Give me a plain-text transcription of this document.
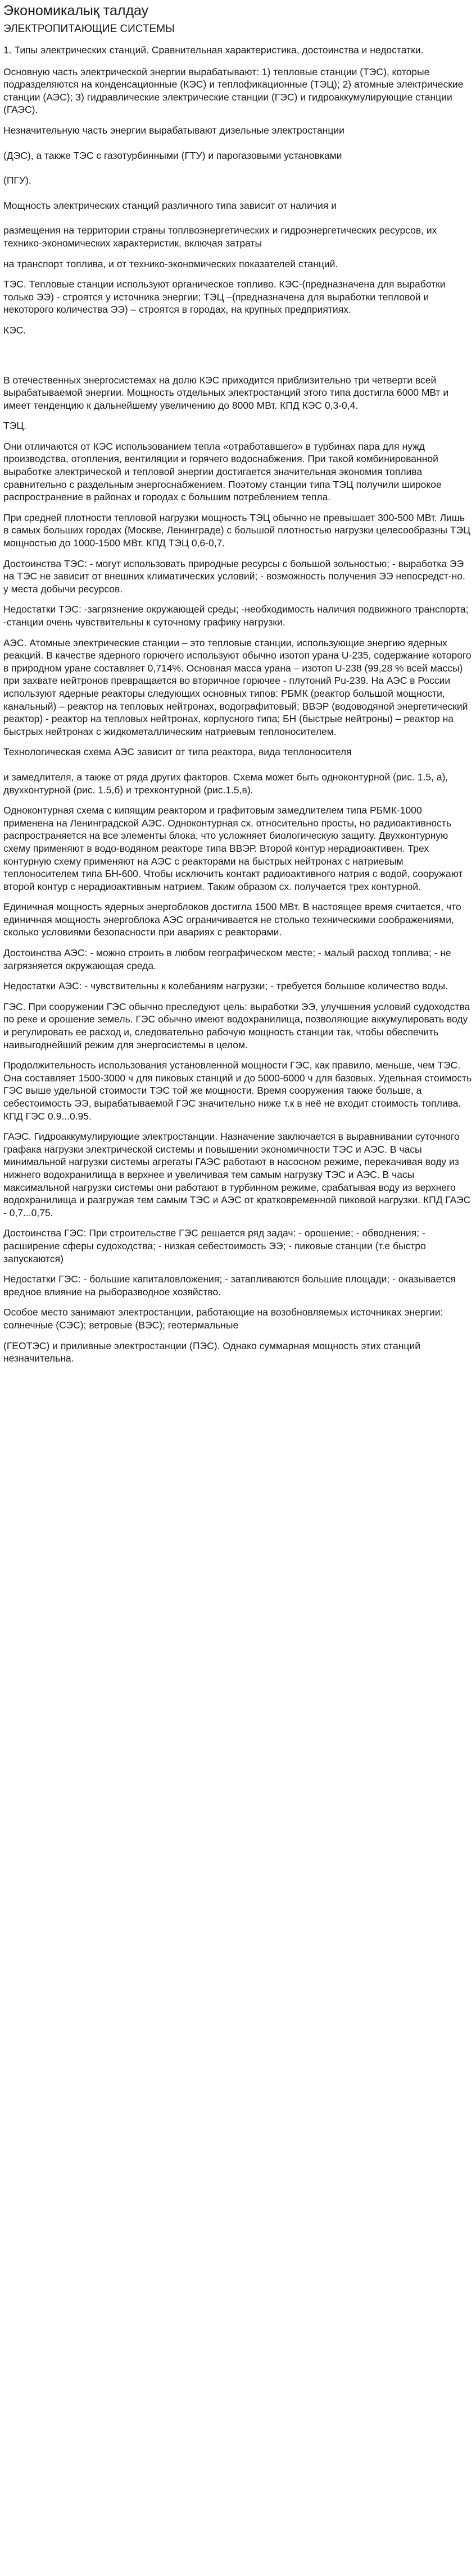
Экономикалық талдау
ЭЛЕКТРОПИТАЮЩИЕ СИСТЕМЫ

1. Типы электрических станций. Сравнительная характеристика, достоинства и недостатки.

Основную часть электрической энергии вырабатывают: 1) тепловые станции (ТЭС), которые подразделяются на конденсационные (КЭС) и теплофикационные (ТЭЦ); 2) атомные электрические станции (АЭС); 3) гидравлические электрические станции (ГЭС) и гидроаккумулирующие станции (ГАЭС).

Незначительную часть энергии вырабатывают дизельные электростанции

(ДЭС), а также ТЭС с газотурбинными (ГТУ) и парогазовыми установками

(ПГУ).

Мощность электрических станций различного типа зависит от наличия и

размещения на территории страны топлвоэнергетических и гидроэнергетических ресурсов, их технико-экономических характеристик, включая затраты

на транспорт топлива, и от технико-экономических показателей станций.

ТЭС. Тепловые станции используют органическое топливо. КЭС-(предназначена для выработки только ЭЭ) - строятся у источника энергии; ТЭЦ –(предназначена для выработки тепловой и некоторого количества ЭЭ) – строятся в городах, на крупных предприятиях.

КЭС.

В отечественных энергосистемах на долю КЭС приходится приблизительно три четверти всей вырабатываемой энергии. Мощность отдельных электростанций этого типа достигла 6000 МВт и имеет тенденцию к дальнейшему увеличению до 8000 МВт. КПД КЭС 0,3-0,4.

ТЭЦ.

Они отличаются от КЭС использованием тепла «отработавшего» в турбинах пара для нужд производства, отопления, вентиляции и горячего водоснабжения. При такой комбинированной выработке электрической и тепловой энергии достигается значительная экономия топлива сравнительно с раздельным энергоснабжением. Поэтому станции типа ТЭЦ получили широкое распространение в районах и городах с большим потреблением тепла.

При средней плотности тепловой нагрузки мощность ТЭЦ обычно не превышает 300-500 МВт. Лишь в самых больших городах (Москве, Ленинграде) с большой плотностью нагрузки целесообразны ТЭЦ мощностью до 1000-1500 МВт. КПД ТЭЦ 0,6-0,7.

Достоинства ТЭС: - могут использовать природные ресурсы с большой зольностью; - выработка ЭЭ на ТЭС не зависит от внешних климатических условий; - возможность получения ЭЭ непосредст-но. у места добычи ресурсов.

Недостатки ТЭС: -загрязнение окружающей среды; -необходимость наличия подвижного транспорта; -станции очень чувствительны к суточному графику нагрузки.

АЭС. Атомные электрические станции – это тепловые станции, использующие энергию ядерных реакций. В качестве ядерного горючего используют обычно изотоп урана U-235, содержание которого в природном уране составляет 0,714%. Основная масса урана – изотоп U-238 (99,28 % всей массы) при захвате нейтронов превращается во вторичное горючее - плутоний Pu-239. На АЭС в России используют ядерные реакторы следующих основных типов: РБМК (реактор большой мощности, канальный) – реактор на тепловых нейтронах, водографитовый; ВВЭР (водоводяной энергетический реактор) - реактор на тепловых нейтронах, корпусного типа; БН (быстрые нейтроны) – реактор на быстрых нейтронах с жидкометаллическим натриевым теплоносителем.

Технологическая схема АЭС зависит от типа реактора, вида теплоносителя

и замедлителя, а также от ряда других факторов. Схема может быть одноконтурной (рис. 1.5, а), двухконтурной (рис. 1.5,б) и трехконтурной (рис.1.5,в).

Одноконтурная схема с кипящим реактором и графитовым замедлителем типа РБМК-1000 применена на Ленинградской АЭС. Одноконтурная сх. относительно просты, но радиоактивность распространяется на все элементы блока, что усложняет биологическую защиту. Двухконтурную схему применяют в водо-водяном реакторе типа ВВЭР. Второй контур нерадиоактивен. Трех контурную схему применяют на АЭС с реакторами на быстрых нейтронах с натриевым теплоносителем типа БН-600. Чтобы исключить контакт радиоактивного натрия с водой, сооружают второй контур с нерадиоактивным натрием. Таким образом сх. получается трех контурной.

Единичная мощность ядерных энергоблоков достигла 1500 МВт. В настоящее время считается, что единичная мощность энергоблока АЭС ограничивается не столько техническими соображениями, сколько условиями безопасности при авариях с реакторами.

Достоинства АЭС: - можно строить в любом географическом месте; - малый расход топлива; - не загрязняется окружающая среда.

Недостатки АЭС: - чувствительны к колебаниям нагрузки; - требуется большое количество воды.

ГЭС. При сооружении ГЭС обычно преследуют цель: выработки ЭЭ, улучшения условий судоходства по реке и орошение земель. ГЭС обычно имеют водохранилища, позволяющие аккумулировать воду и регулировать ее расход и, следовательно рабочую мощность станции так, чтобы обеспечить наивыгоднейший режим для энергосистемы в целом.

Продолжительность использования установленной мощности ГЭС, как правило, меньше, чем ТЭС. Она составляет 1500-3000 ч для пиковых станций и до 5000-6000 ч для базовых. Удельная стоимость ГЭС выше удельной стоимости ТЭС той же мощности. Время сооружения также больше, а себестоимость ЭЭ, вырабатываемой ГЭС значительно ниже т.к в неё не входит стоимость топлива. КПД ГЭС 0.9...0.95.

ГАЭС. Гидроаккумулирующие электростанции. Назначение заключается в выравнивании суточного графака нагрузки электрической системы и повышении экономичности ТЭС и АЭС. В часы минимальной нагрузки системы агрегаты ГАЭС работают в насосном режиме, перекачивая воду из нижнего водохранилища в верхнее и увеличивая тем самым нагрузку ТЭС и АЭС. В часы максимальной нагрузки системы они работают в турбинном режиме, срабатывая воду из верхнего водохранилища и разгружая тем самым ТЭС и АЭС от кратковременной пиковой нагрузки. КПД ГАЭС - 0,7...0,75.

Достоинства ГЭС: При строительстве ГЭС решается ряд задач: - орошение; - обводнения; - расширение сферы судоходства; - низкая себестоимость ЭЭ; - пиковые станции (т.е быстро запускаются)

Недостатки ГЭС: - большие капиталовложения; - затапливаются большие площади; - оказывается вредное влияние на рыборазводное хозяйство.

Особое место занимают электростанции, работающие на возобновляемых источниках энергии: солнечные (СЭС); ветровые (ВЭС); геотермальные

(ГЕОТЭС) и приливные электростанции (ПЭС). Однако суммарная мощность этих станций незначительна.
